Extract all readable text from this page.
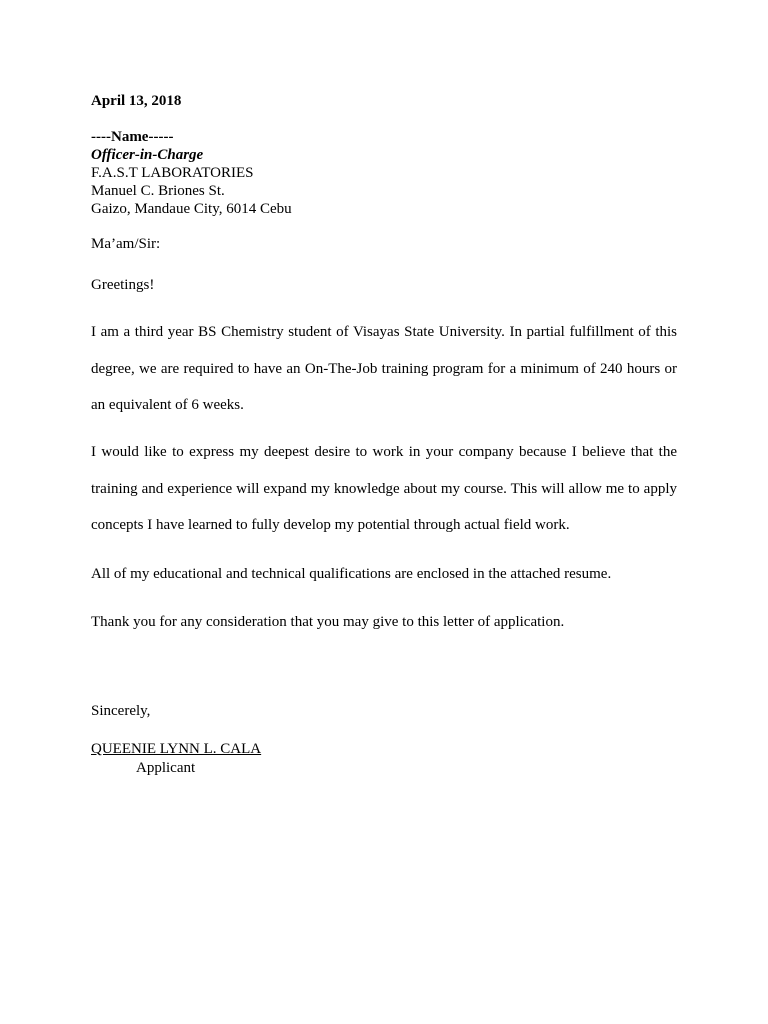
April 13, 2018

----Name-----

Officer-in-Charge

F.A.S.T LABORATORIES

Manuel C. Briones St.

Gaizo, Mandaue City, 6014 Cebu

Ma’am/Sir:

Greetings!

I am a third year BS Chemistry student of Visayas State University. In partial fulfillment of this

degree, we are required to have an On-The-Job training program for a minimum of 240 hours or

an equivalent of 6 weeks.

I would like to express my deepest desire to work in your company because I believe that the

training and experience will expand my knowledge about my course. This will allow me to apply

concepts I have learned to fully develop my potential through actual field work.

All of my educational and technical qualifications are enclosed in the attached resume.

Thank you for any consideration that you may give to this letter of application.

Sincerely,

QUEENIE LYNN L. CALA

Applicant
